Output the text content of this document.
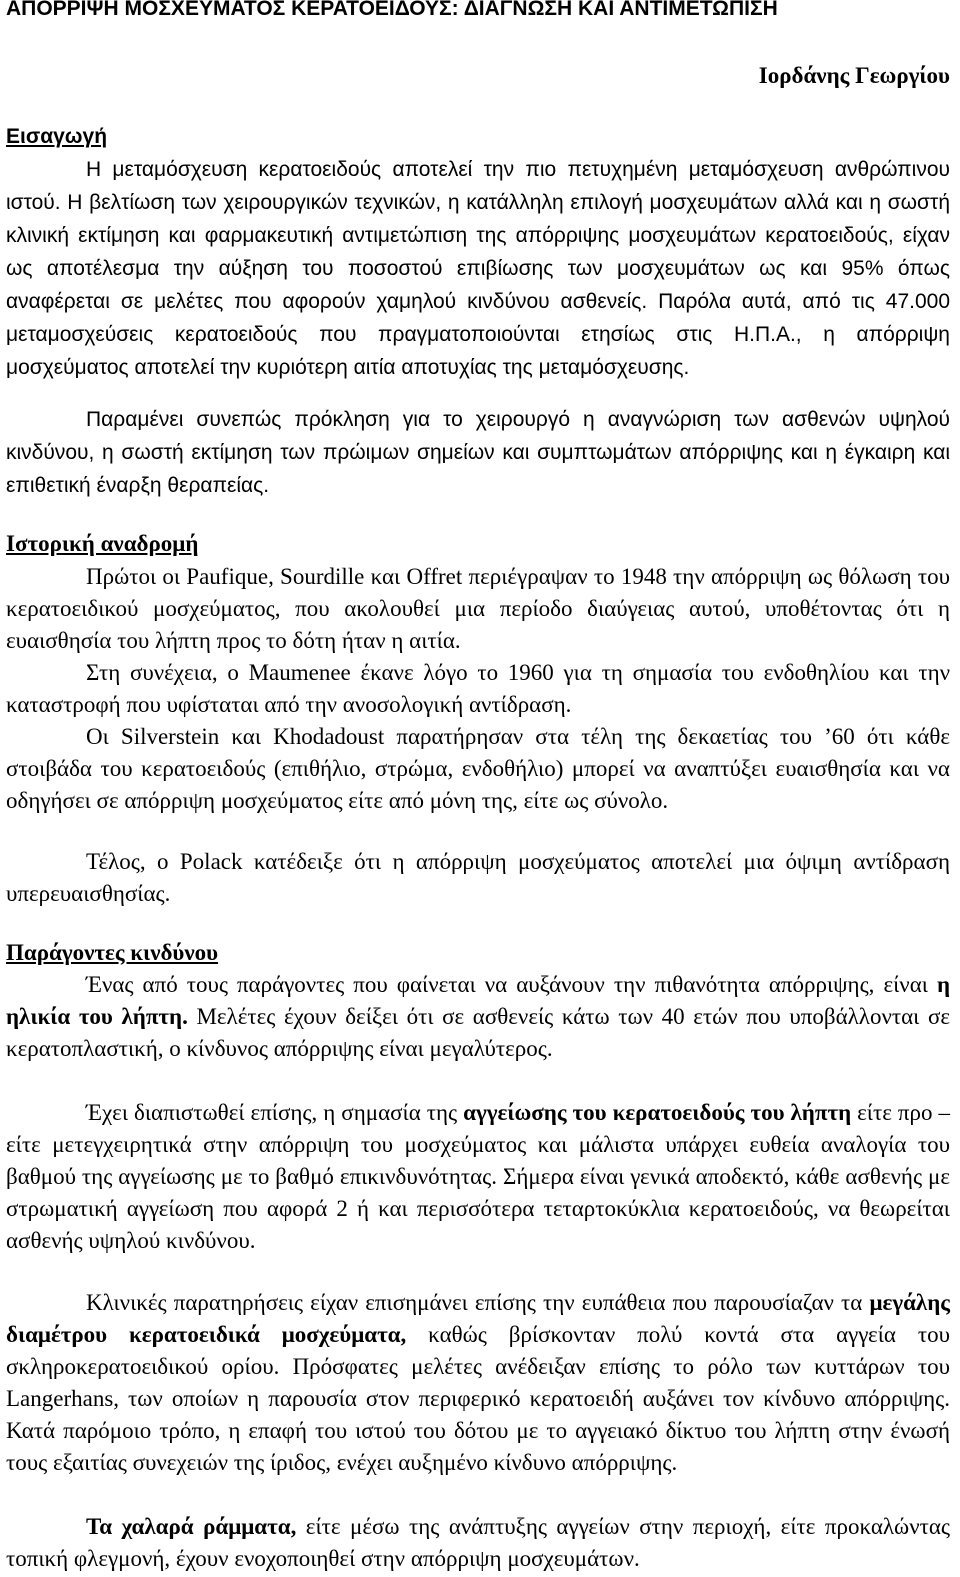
ΑΠΟΡΡΙΨΗ ΜΟΣΧΕΥΜΑΤΟΣ ΚΕΡΑΤΟΕΙΔΟΥΣ: ΔΙΑΓΝΩΣΗ ΚΑΙ ΑΝΤΙΜΕΤΩΠΙΣΗ
Ιορδάνης Γεωργίου
Εισαγωγή

Η μεταμόσχευση κερατοειδούς αποτελεί την πιο πετυχημένη μεταμόσχευση ανθρώπινου ιστού. Η βελτίωση των χειρουργικών τεχνικών, η κατάλληλη επιλογή μοσχευμάτων αλλά και η σωστή κλινική εκτίμηση και φαρμακευτική αντιμετώπιση της απόρριψης μοσχευμάτων κερατοειδούς, είχαν ως αποτέλεσμα την αύξηση του ποσοστού επιβίωσης των μοσχευμάτων ως και 95% όπως αναφέρεται σε μελέτες που αφορούν χαμηλού κινδύνου ασθενείς. Παρόλα αυτά, από τις 47.000 μεταμοσχεύσεις κερατοειδούς που πραγματοποιούνται ετησίως στις Η.Π.Α., η απόρριψη μοσχεύματος αποτελεί την κυριότερη αιτία αποτυχίας της μεταμόσχευσης.

Παραμένει συνεπώς πρόκληση για το χειρουργό η αναγνώριση των ασθενών υψηλού κινδύνου, η σωστή εκτίμηση των πρώιμων σημείων και συμπτωμάτων απόρριψης και η έγκαιρη και επιθετική έναρξη θεραπείας.

Ιστορική αναδρομή

Πρώτοι οι Paufique, Sourdille και Offret περιέγραψαν το 1948 την απόρριψη ως θόλωση του κερατοειδικού μοσχεύματος, που ακολουθεί μια περίοδο διαύγειας αυτού, υποθέτοντας ότι η ευαισθησία του λήπτη προς το δότη ήταν η αιτία.

Στη συνέχεια, ο Maumenee έκανε λόγο το 1960 για τη σημασία του ενδοθηλίου και την καταστροφή που υφίσταται από την ανοσολογική αντίδραση.

Οι Silverstein και Khodadoust παρατήρησαν στα τέλη της δεκαετίας του ’60 ότι κάθε στοιβάδα του κερατοειδούς (επιθήλιο, στρώμα, ενδοθήλιο) μπορεί να αναπτύξει ευαισθησία και να οδηγήσει σε απόρριψη μοσχεύματος είτε από μόνη της, είτε ως σύνολο.

Τέλος, ο Polack κατέδειξε ότι η απόρριψη μοσχεύματος αποτελεί μια όψιμη αντίδραση υπερευαισθησίας.

Παράγοντες κινδύνου

Ένας από τους παράγοντες που φαίνεται να αυξάνουν την πιθανότητα απόρριψης, είναι η ηλικία του λήπτη. Μελέτες έχουν δείξει ότι σε ασθενείς κάτω των 40 ετών που υποβάλλονται σε κερατοπλαστική, ο κίνδυνος απόρριψης είναι μεγαλύτερος.

Έχει διαπιστωθεί επίσης, η σημασία της αγγείωσης του κερατοειδούς του λήπτη είτε προ – είτε μετεγχειρητικά στην απόρριψη του μοσχεύματος και μάλιστα υπάρχει ευθεία αναλογία του βαθμού της αγγείωσης με το βαθμό επικινδυνότητας. Σήμερα είναι γενικά αποδεκτό, κάθε ασθενής με στρωματική αγγείωση που αφορά 2 ή και περισσότερα τεταρτοκύκλια κερατοειδούς, να θεωρείται ασθενής υψηλού κινδύνου.

Κλινικές παρατηρήσεις είχαν επισημάνει επίσης την ευπάθεια που παρουσίαζαν τα μεγάλης διαμέτρου κερατοειδικά μοσχεύματα, καθώς βρίσκονταν πολύ κοντά στα αγγεία του σκληροκερατοειδικού ορίου. Πρόσφατες μελέτες ανέδειξαν επίσης το ρόλο των κυττάρων του Langerhans, των οποίων η παρουσία στον περιφερικό κερατοειδή αυξάνει τον κίνδυνο απόρριψης. Κατά παρόμοιο τρόπο, η επαφή του ιστού του δότου με το αγγειακό δίκτυο του λήπτη στην ένωσή τους εξαιτίας συνεχειών της ίριδος, ενέχει αυξημένο κίνδυνο απόρριψης.

Τα χαλαρά ράμματα, είτε μέσω της ανάπτυξης αγγείων στην περιοχή, είτε προκαλώντας τοπική φλεγμονή, έχουν ενοχοποιηθεί στην απόρριψη μοσχευμάτων.
